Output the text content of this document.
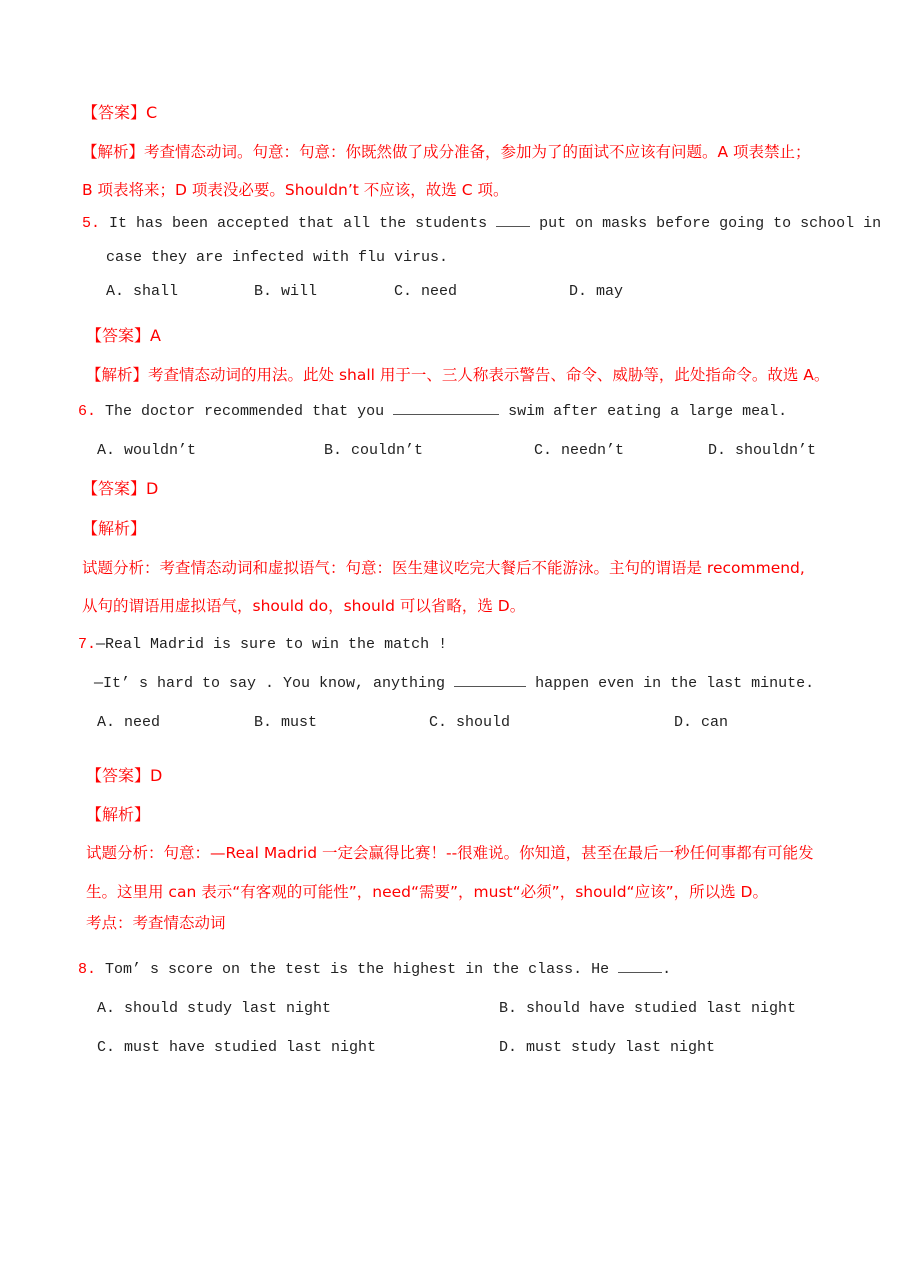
【答案】C
【解析】考查情态动词。句意：句意：你既然做了成分准备，参加为了的面试不应该有问题。A 项表禁止；
B 项表将来；D 项表没必要。Shouldn’t 不应该，故选 C 项。
5. It has been accepted that all the students	put on masks before going to school in
case they are infected with flu virus.
A. shall	B. will	C. need	D. may
【答案】A
【解析】考查情态动词的用法。此处 shall 用于一、三人称表示警告、命令、威胁等，此处指命令。故选 A。
6. The doctor recommended that you	swim after eating a large meal.
A. wouldn’t	B. couldn’t	C. needn’t	D. shouldn’t
【答案】D
【解析】
试题分析：考查情态动词和虚拟语气：句意：医生建议吃完大餐后不能游泳。主句的谓语是 recommend,
从句的谓语用虚拟语气，should do，should 可以省略，选 D。
7.—Real Madrid is sure to win the match !
—It’ s hard to say . You know, anything	happen even in the last minute.
A. need	B. must	C. should	D. can
【答案】D
【解析】
试题分析：句意：—Real Madrid 一定会赢得比赛！--很难说。你知道，甚至在最后一秒任何事都有可能发
生。这里用 can 表示“有客观的可能性”，need“需要”，must“必须”，should“应该”，所以选 D。
考点：考查情态动词
8. Tom’ s score on the test is the highest in the class. He	.
A. should study last night	B. should have studied last night
C. must have studied last night	D. must study last night
